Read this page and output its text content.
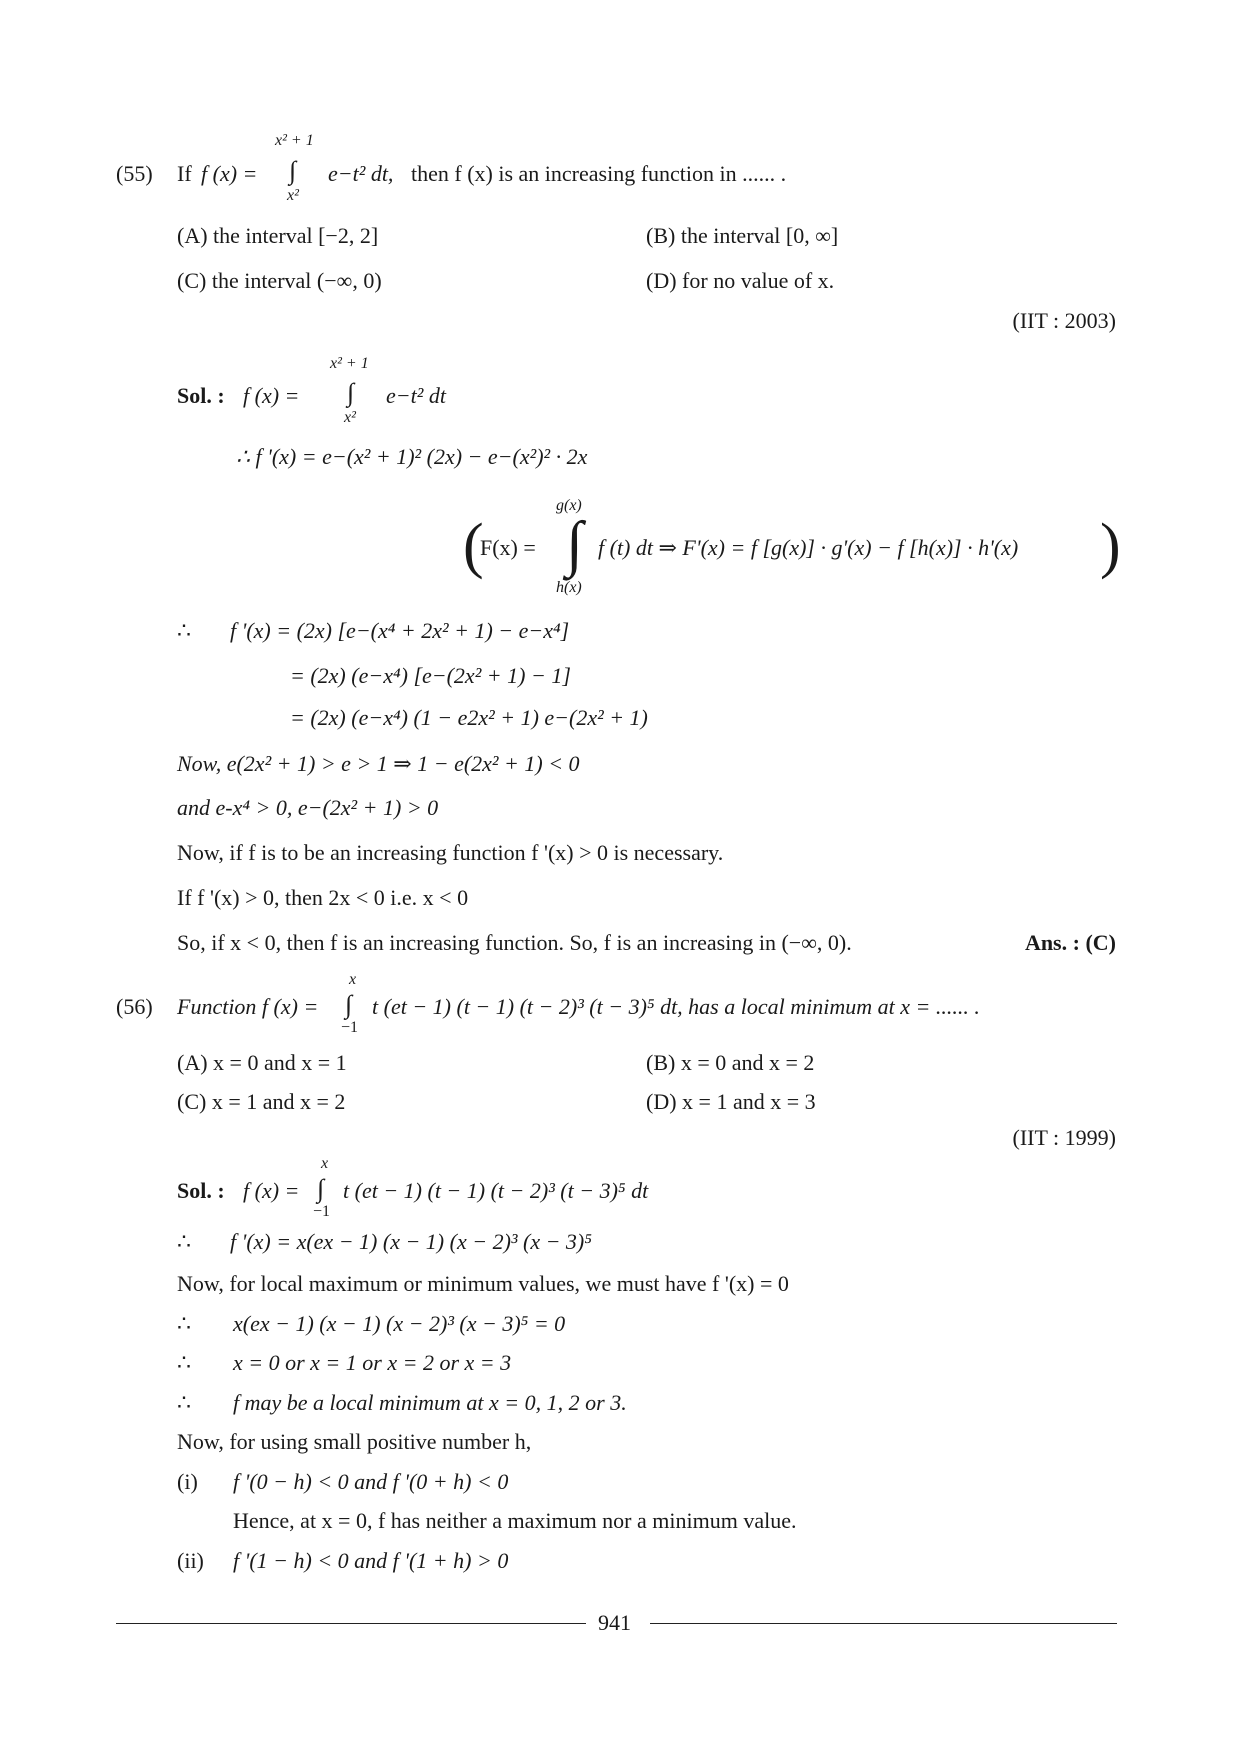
(55) If f (x) =
x² + 1
∫
x²
e−t² dt, then f (x) is an increasing function in ...... .
(A) the interval [−2, 2]	(B) the interval [0, ∞]
(C) the interval (−∞, 0)	(D) for no value of x.
(IIT : 2003)
Sol. : f (x) =
x² + 1
∫
x²
e−t² dt
∴ f '(x) = e−(x² + 1)² (2x) − e−(x²)² · 2x
(
F(x) =
g(x)
∫
h(x)
f (t) dt ⇒ F'(x) = f [g(x)] · g'(x) − f [h(x)] · h'(x) )
∴ f '(x) = (2x) [e−(x⁴ + 2x² + 1) − e−x⁴]
= (2x) (e−x⁴) [e−(2x² + 1) − 1]
= (2x) (e−x⁴) (1 − e2x² + 1) e−(2x² + 1)
Now, e(2x² + 1) > e > 1 ⇒ 1 − e(2x² + 1) < 0
and e-x⁴ > 0, e−(2x² + 1) > 0
Now, if f is to be an increasing function f '(x) > 0 is necessary.
If f '(x) > 0, then 2x < 0 i.e. x < 0
So, if x < 0, then f is an increasing function. So, f is an increasing in (−∞, 0).	Ans. : (C)
(56) Function f (x) =
x
∫
−1
t (et − 1) (t − 1) (t − 2)³ (t − 3)⁵ dt, has a local minimum at x = ...... .
(A) x = 0 and x = 1	(B) x = 0 and x = 2
(C) x = 1 and x = 2	(D) x = 1 and x = 3
(IIT : 1999)
Sol. : f (x) =
x
∫
−1
t (et − 1) (t − 1) (t − 2)³ (t − 3)⁵ dt
∴ f '(x) = x(ex − 1) (x − 1) (x − 2)³ (x − 3)⁵
Now, for local maximum or minimum values, we must have f '(x) = 0
∴ x(ex − 1) (x − 1) (x − 2)³ (x − 3)⁵ = 0
∴ x = 0 or x = 1 or x = 2 or x = 3
∴ f may be a local minimum at x = 0, 1, 2 or 3.
Now, for using small positive number h,
(i) f '(0 − h) < 0 and f '(0 + h) < 0
Hence, at x = 0, f has neither a maximum nor a minimum value.
(ii) f '(1 − h) < 0 and f '(1 + h) > 0
941
